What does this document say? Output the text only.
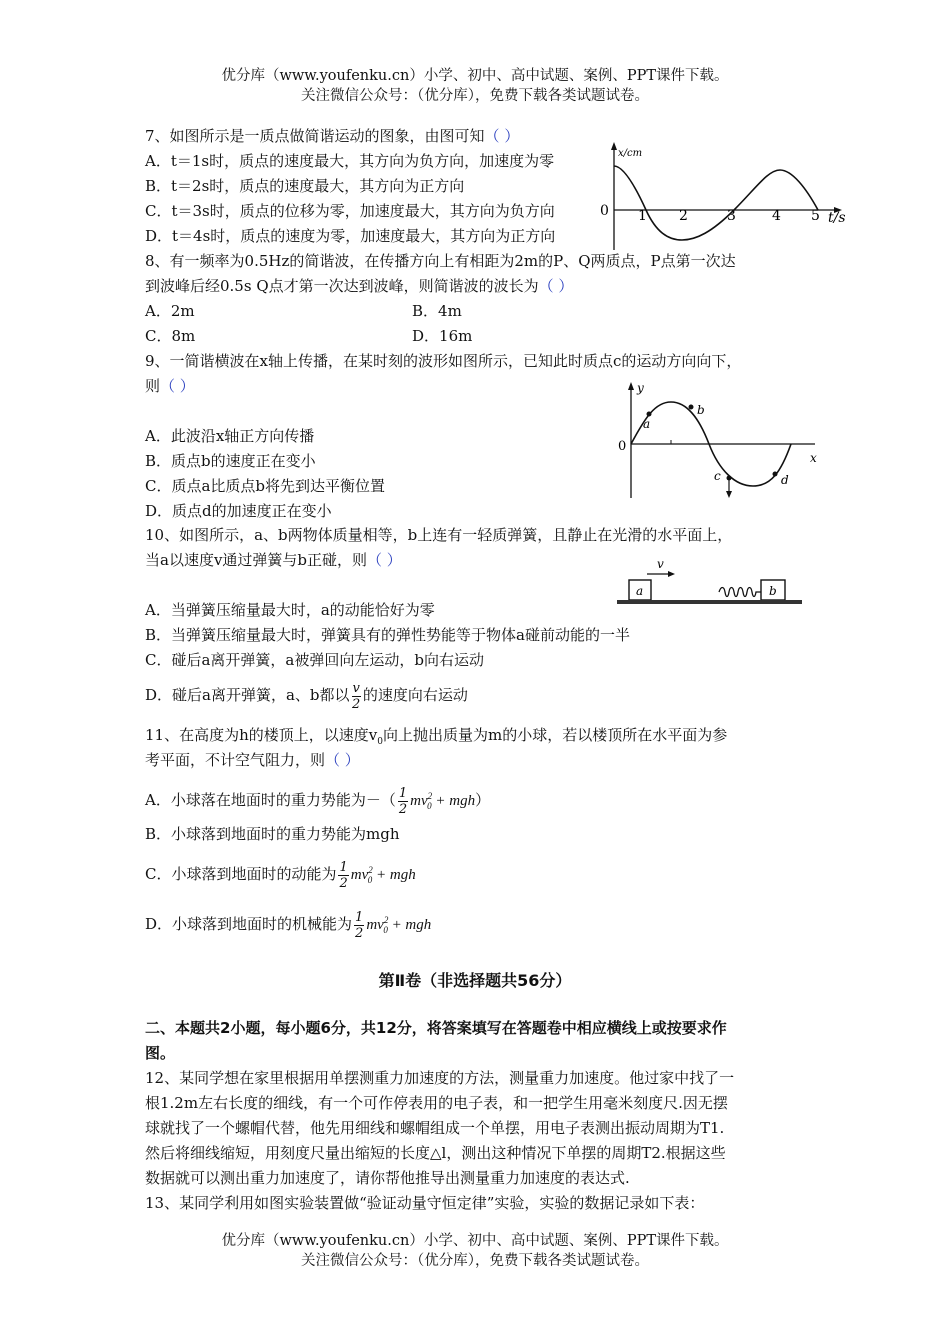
优分库（www.youfenku.cn）小学、初中、高中试题、案例、PPT课件下载。
关注微信公众号：（优分库），免费下载各类试题试卷。
7、如图所示是一质点做简谐运动的图象，由图可知（ ）
A．t＝1s时，质点的速度最大，其方向为负方向，加速度为零
B．t＝2s时，质点的速度最大，其方向为正方向
C．t＝3s时，质点的位移为零，加速度最大，其方向为负方向
D．t＝4s时，质点的速度为零，加速度最大，其方向为正方向
x/cm
t/s
0 1 2	3	4 5
8、有一频率为0.5Hz的简谐波，在传播方向上有相距为2m的P、Q两质点，P点第一次达
到波峰后经0.5s Q点才第一次达到波峰，则简谐波的波长为（ ）
A．2m	B．4m
C．8m	D．16m
9、一简谐横波在x轴上传播，在某时刻的波形如图所示，已知此时质点c的运动方向向下，
则（ ）
A．此波沿x轴正方向传播
B．质点b的速度正在变小
C．质点a比质点b将先到达平衡位置
D．质点d的加速度正在变小
y
x
0
a
b
c	d
10、如图所示，a、b两物体质量相等，b上连有一轻质弹簧，且静止在光滑的水平面上，
当a以速度v通过弹簧与b正碰，则（ ）	v
a	b
A．当弹簧压缩量最大时，a的动能恰好为零
B．当弹簧压缩量最大时，弹簧具有的弹性势能等于物体a碰前动能的一半
C．碰后a离开弹簧，a被弹回向左运动，b向右运动
D．碰后a离开弹簧，a、b都以 $\frac{v}{2}$ 的速度向右运动
11、在高度为h的楼顶上，以速度$v_0$向上抛出质量为m的小球，若以楼顶所在水平面为参
考平面，不计空气阻力，则（ ）
A．小球落在地面时的重力势能为－（ $\frac{1}{2} mv^2_0 + mgh$）
B．小球落到地面时的重力势能为mgh
C．小球落到地面时的动能为 $\frac{1}{2} mv^2_0$ + mgh
D．小球落到地面时的机械能为 $\frac{1}{2} mv^2_0$ + mgh
第Ⅱ卷（非选择题共56分）
二、本题共2小题，每小题6分，共12分，将答案填写在答题卷中相应横线上或按要求作
图。
12、某同学想在家里根据用单摆测重力加速度的方法，测量重力加速度。他过家中找了一
根1.2m左右长度的细线，有一个可作停表用的电子表，和一把学生用毫米刻度尺.因无摆
球就找了一个螺帽代替，他先用细线和螺帽组成一个单摆，用电子表测出振动周期为T1.
然后将细线缩短，用刻度尺量出缩短的长度△l，测出这种情况下单摆的周期T2.根据这些
数据就可以测出重力加速度了，请你帮他推导出测量重力加速度的表达式.
13、某同学利用如图实验装置做“验证动量守恒定律”实验，实验的数据记录如下表：
优分库（www.youfenku.cn）小学、初中、高中试题、案例、PPT课件下载。
关注微信公众号：（优分库），免费下载各类试题试卷。
